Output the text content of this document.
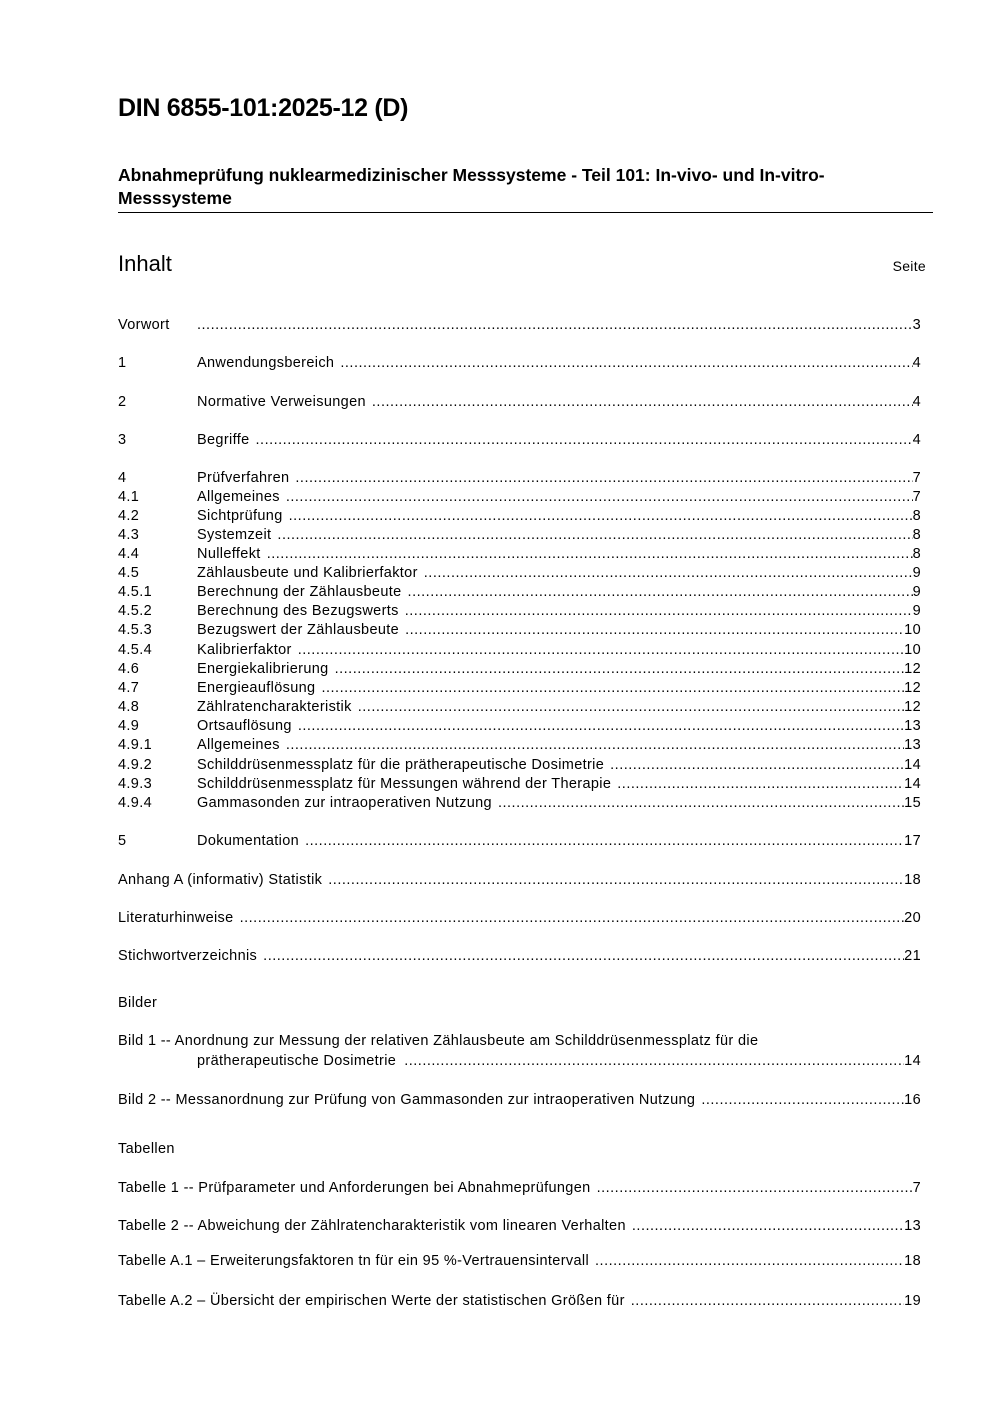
DIN 6855-101:2025-12 (D)
Abnahmeprüfung nuklearmedizinischer Messsysteme - Teil 101: In-vivo- und In-vitro-Messsysteme
Inhalt	Seite
Vorwort .....	3
1	Anwendungsbereich .....	4
2	Normative Verweisungen .....	4
3	Begriffe .....	4
4	Prüfverfahren .....	7
4.1	Allgemeines .....	7
4.2	Sichtprüfung .....	8
4.3	Systemzeit .....	8
4.4	Nulleffekt .....	8
4.5	Zählausbeute und Kalibrierfaktor .....	9
4.5.1	Berechnung der Zählausbeute .....	9
4.5.2	Berechnung des Bezugswerts .....	9
4.5.3	Bezugswert der Zählausbeute .....	10
4.5.4	Kalibrierfaktor .....	10
4.6	Energiekalibrierung .....	12
4.7	Energieauflösung .....	12
4.8	Zählratencharakteristik .....	12
4.9	Ortsauflösung .....	13
4.9.1	Allgemeines .....	13
4.9.2	Schilddrüsenmessplatz für die prätherapeutische Dosimetrie .....	14
4.9.3	Schilddrüsenmessplatz für Messungen während der Therapie .....	14
4.9.4	Gammasonden zur intraoperativen Nutzung .....	15
5	Dokumentation .....	17
Anhang A (informativ) Statistik .....	18
Literaturhinweise .....	20
Stichwortverzeichnis .....	21
Bilder
Bild 1 -- Anordnung zur Messung der relativen Zählausbeute am Schilddrüsenmessplatz für die
prätherapeutische Dosimetrie .....	14
Bild 2 -- Messanordnung zur Prüfung von Gammasonden zur intraoperativen Nutzung .....	16
Tabellen
Tabelle 1 -- Prüfparameter und Anforderungen bei Abnahmeprüfungen .....	7
Tabelle 2 -- Abweichung der Zählratencharakteristik vom linearen Verhalten .....	13
Tabelle A.1 – Erweiterungsfaktoren tn für ein 95 %-Vertrauensintervall .....	18
Tabelle A.2 – Übersicht der empirischen Werte der statistischen Größen für .....	19
